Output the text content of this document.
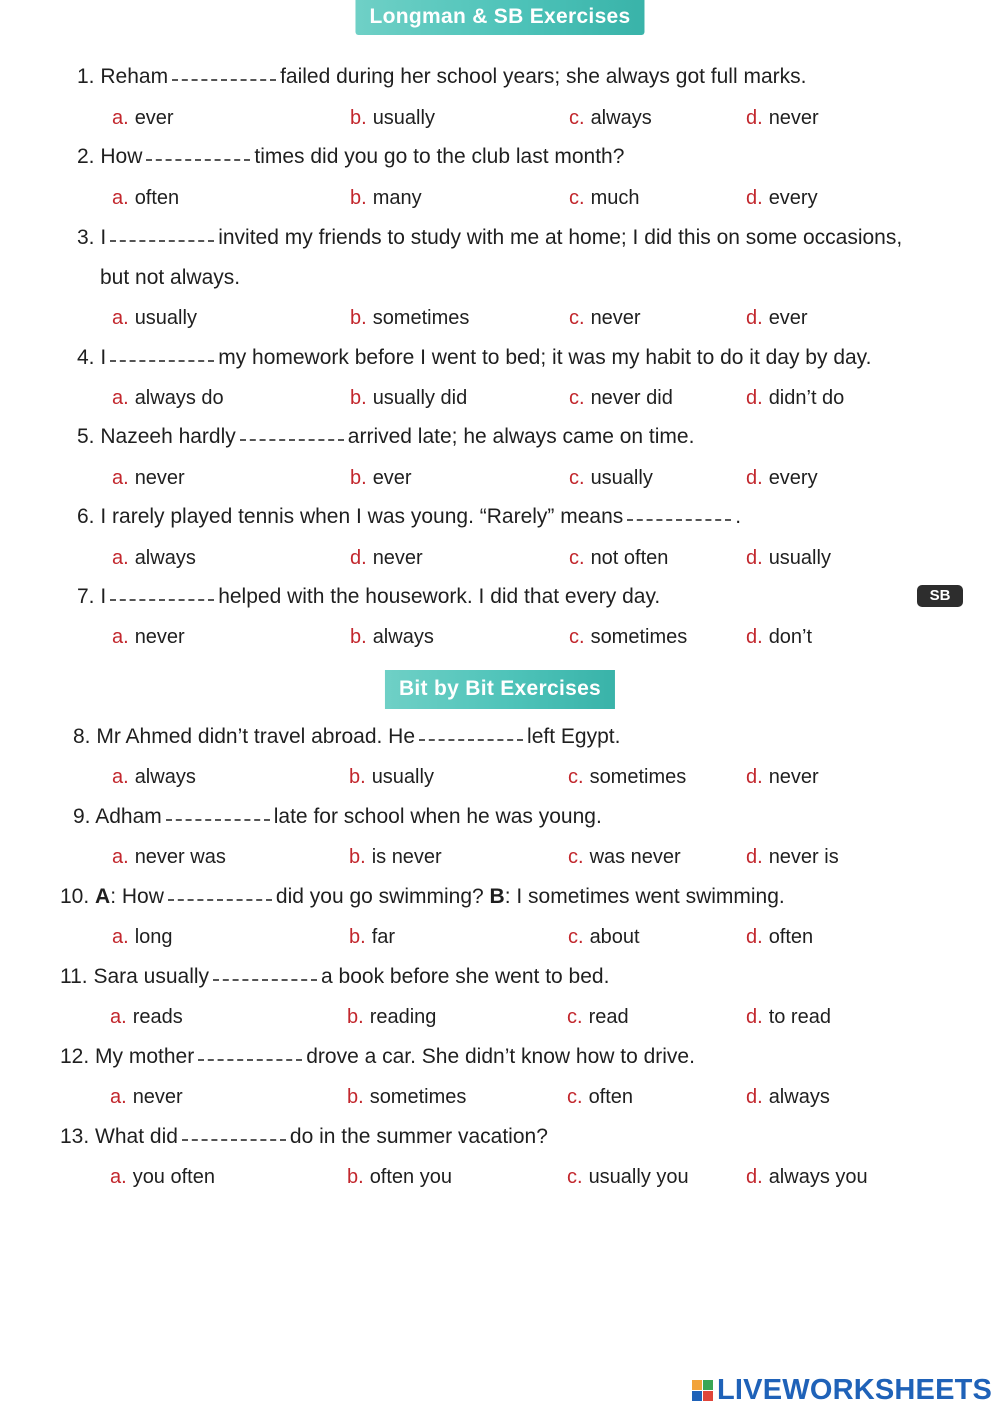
Longman & SB Exercises
1. Reham	failed during her school years; she always got full marks.
a. ever	b. usually	c. always	d. never
2. How	times did you go to the club last month?
a. often	b. many	c. much	d. every
3. I	invited my friends to study with me at home; I did this on some occasions,
but not always.
a. usually	b. sometimes	c. never	d. ever
4. I	my homework before I went to bed; it was my habit to do it day by day.
a. always do	b. usually did	c. never did	d. didn’t do
5. Nazeeh hardly	arrived late; he always came on time.
a. never	b. ever	c. usually	d. every
6. I rarely played tennis when I was young. “Rarely” means	.
a. always	d. never	c. not often	d. usually
7. I	helped with the housework. I did that every day.
a. never	b. always	c. sometimes	d. don’t
8. Mr Ahmed didn’t travel abroad. He	left Egypt.
a. always	b. usually	c. sometimes	d. never
9. Adham	late for school when he was young.
a. never was	b. is never	c. was never	d. never is
10. A: How	did you go swimming? B: I sometimes went swimming.
a. long	b. far	c. about	d. often
11. Sara usually	a book before she went to bed.
a. reads	b. reading	c. read	d. to read
12. My mother	drove a car. She didn’t know how to drive.
a. never	b. sometimes	c. often	d. always
13. What did	do in the summer vacation?
a. you often	b. often you	c. usually you	d. always you
Bit by Bit Exercises
SB
LIVEWORKSHEETS
